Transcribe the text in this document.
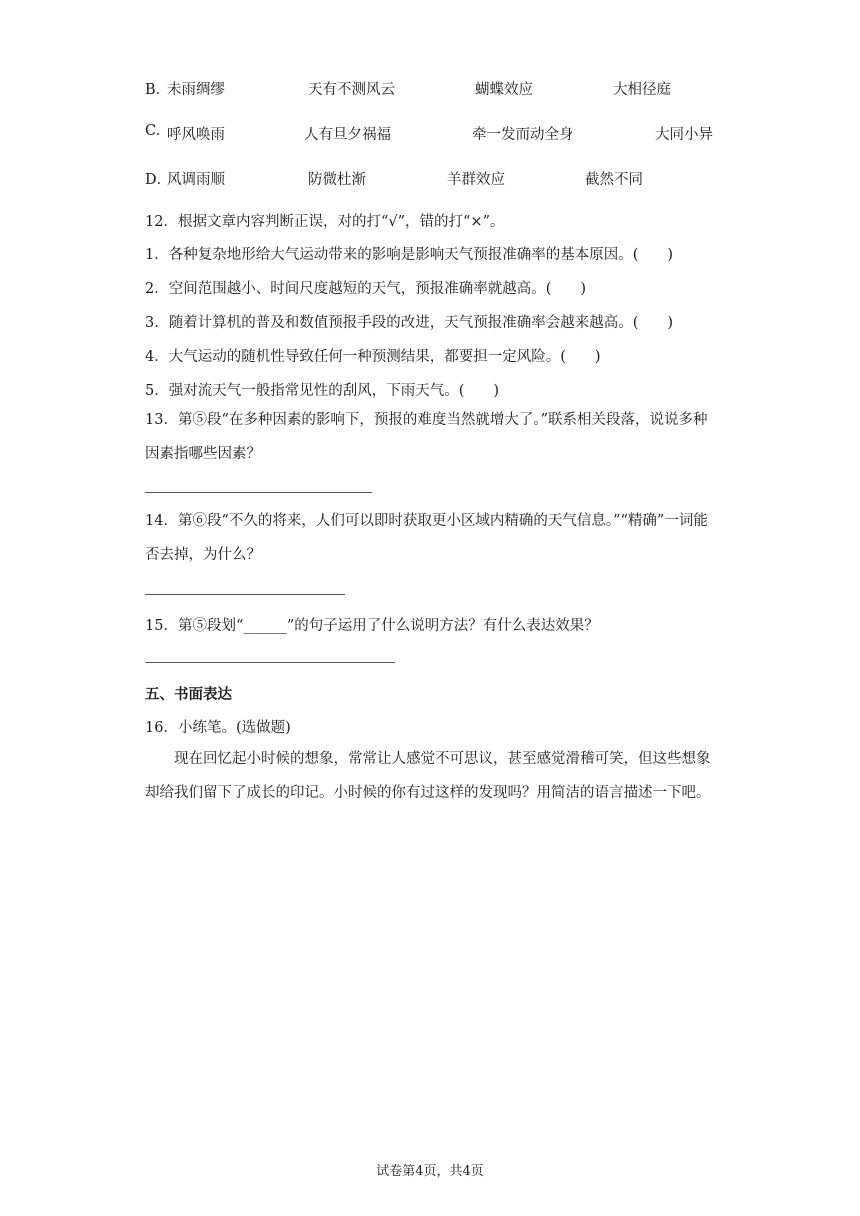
B．
未雨绸缪	天有不测风云	蝴蝶效应	大相径庭
C. 呼风唤雨	人有旦夕祸福	牵一发而动全身	大同小异
D．
风调雨顺	防微杜渐	羊群效应	截然不同
12．根据文章内容判断正误，对的打“√”，错的打“×”。
1．各种复杂地形给大气运动带来的影响是影响天气预报准确率的基本原因。(　　)
2．空间范围越小、时间尺度越短的天气，预报准确率就越高。(　　)
3．随着计算机的普及和数值预报手段的改进，天气预报准确率会越来越高。(　　)
4．大气运动的随机性导致任何一种预测结果，都要担一定风险。(　　)
5．强对流天气一般指常见性的刮风，下雨天气。(　　)
13．第⑤段“在多种因素的影响下，预报的难度当然就增大了。”联系相关段落，说说多种因素指哪些因素？
14．第⑥段“不久的将来，人们可以即时获取更小区域内精确的天气信息。”“精确”一词能否去掉，为什么？
15．第⑤段划“______”的句子运用了什么说明方法？有什么表达效果？
五、书面表达
16．小练笔。(选做题)
现在回忆起小时候的想象，常常让人感觉不可思议，甚至感觉滑稽可笑，但这些想象却给我们留下了成长的印记。小时候的你有过这样的发现吗？用简洁的语言描述一下吧。
试卷第4页，共4页
